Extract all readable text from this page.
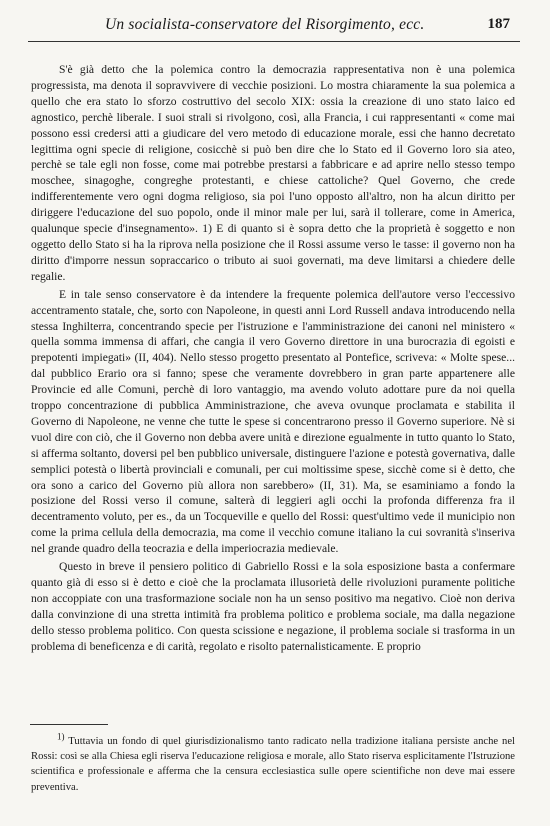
Un socialista-conservatore del Risorgimento, ecc.	187

S'è già detto che la polemica contro la democrazia rappresentativa non è una polemica progressista, ma denota il sopravvivere di vecchie posizioni. Lo mostra chiaramente la sua polemica a quello che era stato lo sforzo costruttivo del secolo XIX: ossia la creazione di uno stato laico ed agnostico, perchè liberale. I suoi strali si rivolgono, così, alla Francia, i cui rappresentanti « come mai possono essi credersi atti a giudicare del vero metodo di educazione morale, essi che hanno decretato legittima ogni specie di religione, cosicchè si può ben dire che lo Stato ed il Governo loro sia ateo, perchè se tale egli non fosse, come mai potrebbe prestarsi a fabbricare e ad aprire nello stesso tempo moschee, sinagoghe, congreghe protestanti, e chiese cattoliche? Quel Governo, che crede indifferentemente vero ogni dogma religioso, sia poi l'uno opposto all'altro, non ha alcun diritto per diriggere l'educazione del suo popolo, onde il minor male per lui, sarà il tollerare, come in America, qualunque specie d'insegnamento». 1) E di quanto si è sopra detto che la proprietà è soggetto e non oggetto dello Stato si ha la riprova nella posizione che il Rossi assume verso le tasse: il governo non ha diritto d'imporre nessun sopraccarico o tributo ai suoi governati, ma deve limitarsi a chiedere delle regalie.

E in tale senso conservatore è da intendere la frequente polemica dell'autore verso l'eccessivo accentramento statale, che, sorto con Napoleone, in questi anni Lord Russell andava introducendo nella stessa Inghilterra, concentrando specie per l'istruzione e l'amministrazione dei canoni nel ministero « quella somma immensa di affari, che cangia il vero Governo direttore in una burocrazia di egoisti e prepotenti impiegati» (II, 404). Nello stesso progetto presentato al Pontefice, scriveva: « Molte spese... dal pubblico Erario ora si fanno; spese che veramente dovrebbero in gran parte appartenere alle Provincie ed alle Comuni, perchè di loro vantaggio, ma avendo voluto adottare pure da noi quella troppo concentrazione di pubblica Amministrazione, che aveva ovunque proclamata e stabilita il Governo di Napoleone, ne venne che tutte le spese si concentrarono presso il Governo superiore. Nè si vuol dire con ciò, che il Governo non debba avere unità e direzione egualmente in tutto quanto lo Stato, si afferma soltanto, doversi pel ben pubblico universale, distinguere l'azione e potestà governativa, dalle semplici potestà o libertà provinciali e comunali, per cui moltissime spese, sicchè come si è detto, che ora sono a carico del Governo più allora non sarebbero» (II, 31). Ma, se esaminiamo a fondo la posizione del Rossi verso il comune, salterà di leggieri agli occhi la profonda differenza fra il decentramento voluto, per es., da un Tocqueville e quello del Rossi: quest'ultimo vede il municipio non come la prima cellula della democrazia, ma come il vecchio comune italiano la cui sovranità s'inseriva nel grande quadro della teocrazia e della imperiocrazia medievale.

Questo in breve il pensiero politico di Gabriello Rossi e la sola esposizione basta a confermare quanto già di esso si è detto e cioè che la proclamata illusorietà delle rivoluzioni puramente politiche non accoppiate con una trasformazione sociale non ha un senso positivo ma negativo. Cioè non deriva dalla convinzione di una stretta intimità fra problema politico e problema sociale, ma dalla negazione dello stesso problema politico. Con questa scissione e negazione, il problema sociale si trasforma in un problema di beneficenza e di carità, regolato e risolto paternalisticamente. E proprio

$^{1)}$ Tuttavia un fondo di quel giurisdizionalismo tanto radicato nella tradizione italiana persiste anche nel Rossi: così se alla Chiesa egli riserva l'educazione religiosa e morale, allo Stato riserva esplicitamente l'Istruzione scientifica e professionale e afferma che la censura ecclesiastica sulle opere scientifiche non deve mai essere preventiva.
